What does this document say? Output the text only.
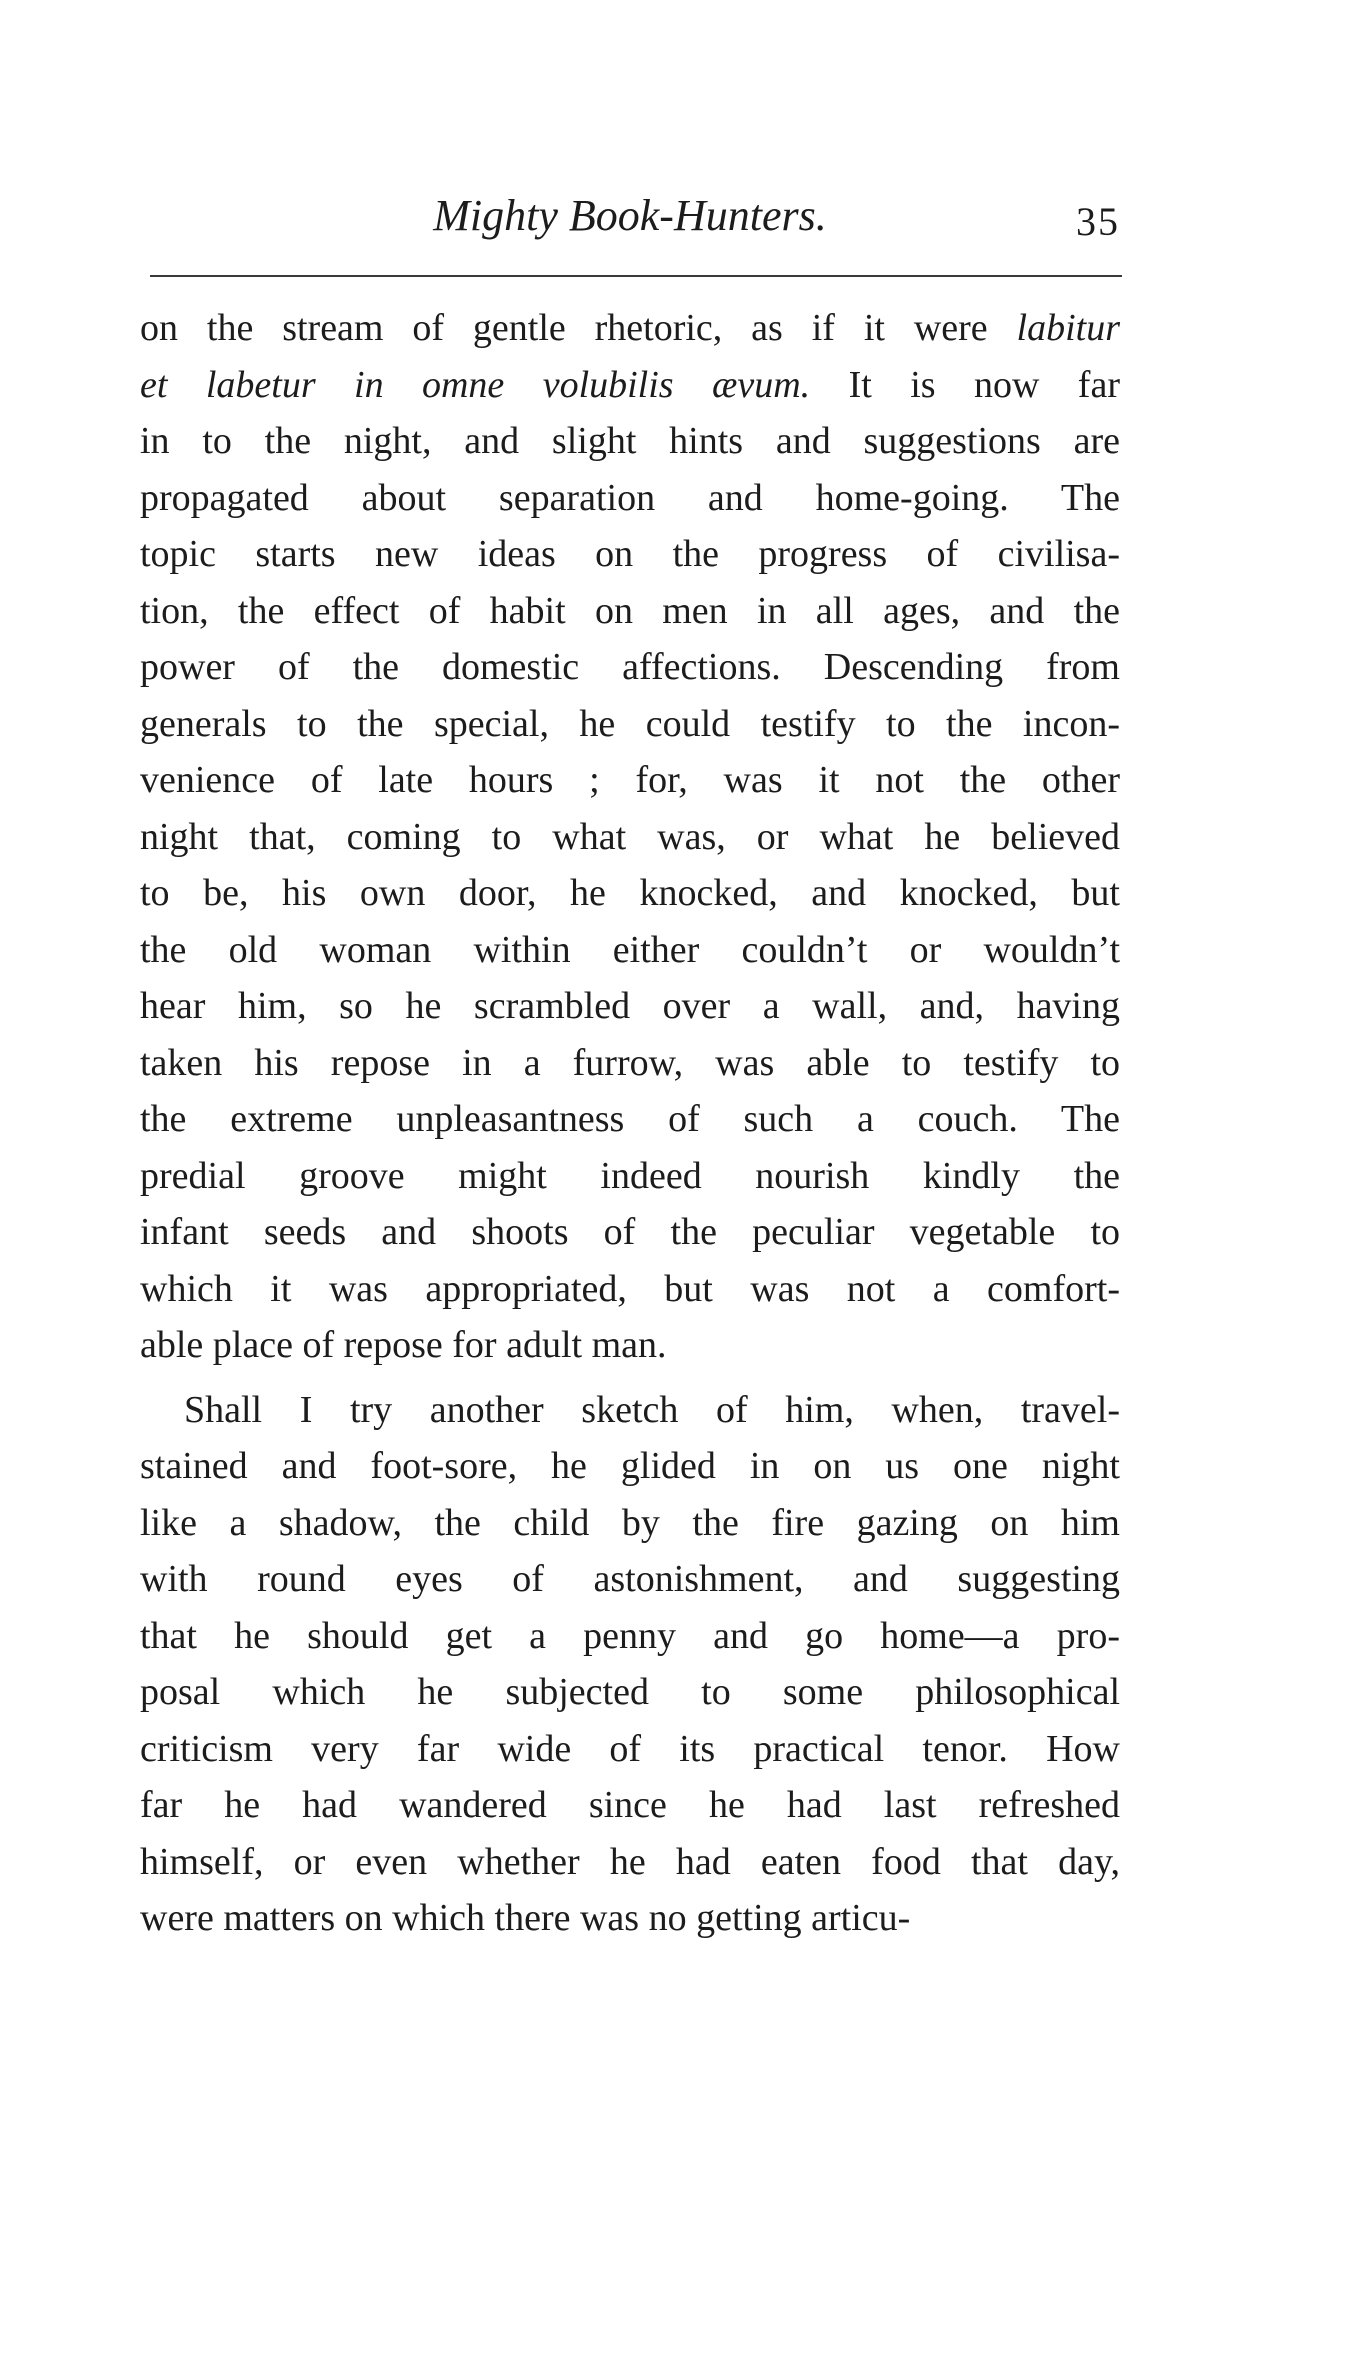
Mighty Book-Hunters.	35
on the stream of gentle rhetoric, as if it were labitur
et labetur in omne volubilis ævum. It is now far
in to the night, and slight hints and suggestions are
propagated about separation and home-going. The
topic starts new ideas on the progress of civilisa-
tion, the effect of habit on men in all ages, and the
power of the domestic affections. Descending from
generals to the special, he could testify to the incon-
venience of late hours ; for, was it not the other
night that, coming to what was, or what he believed
to be, his own door, he knocked, and knocked, but
the old woman within either couldn’t or wouldn’t
hear him, so he scrambled over a wall, and, having
taken his repose in a furrow, was able to testify to
the extreme unpleasantness of such a couch. The
predial groove might indeed nourish kindly the
infant seeds and shoots of the peculiar vegetable to
which it was appropriated, but was not a comfort-
able place of repose for adult man.
Shall I try another sketch of him, when, travel-
stained and foot-sore, he glided in on us one night
like a shadow, the child by the fire gazing on him
with round eyes of astonishment, and suggesting
that he should get a penny and go home—a pro-
posal which he subjected to some philosophical
criticism very far wide of its practical tenor. How
far he had wandered since he had last refreshed
himself, or even whether he had eaten food that day,
were matters on which there was no getting articu-
